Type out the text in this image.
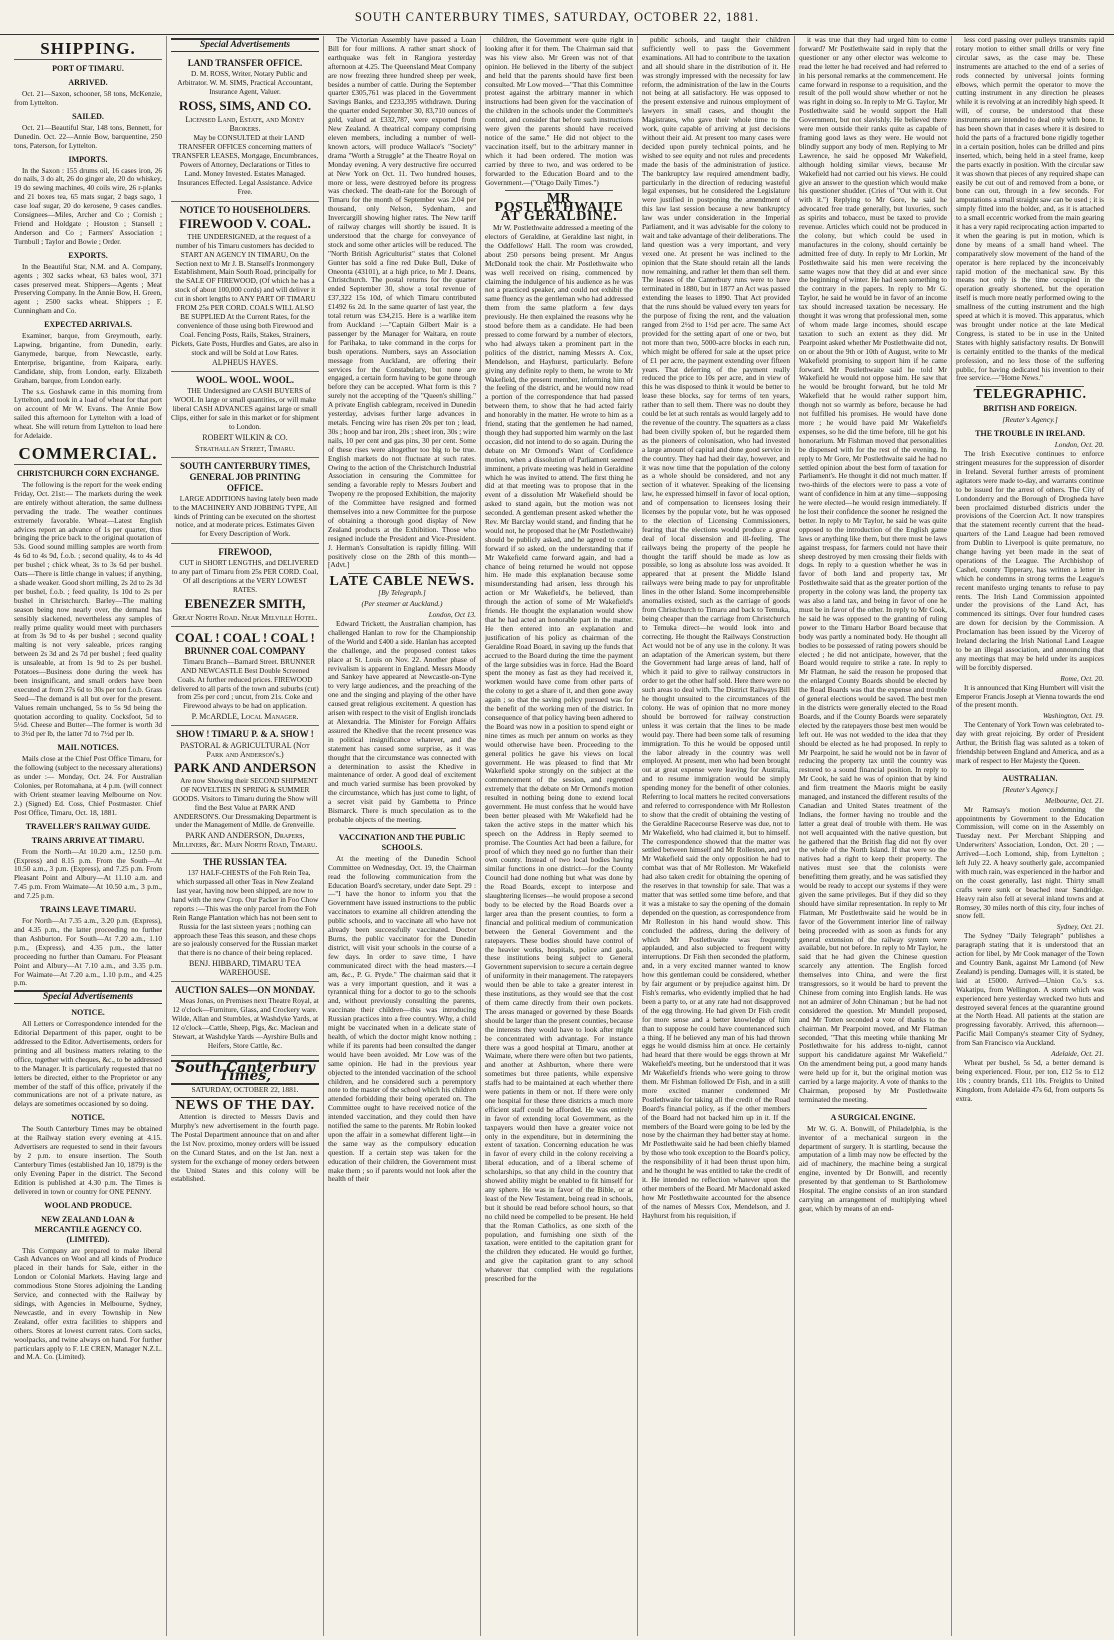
SOUTH CANTERBURY TIMES, SATURDAY, OCTOBER 22, 1881.
SHIPPING.
PORT OF TIMARU.
ARRIVED.

Oct. 21—Saxon, schooner, 58 tons, McKenzie, from Lyttelton.

SAILED.

Oct. 21—Beautiful Star, 148 tons, Bennett, for Dunedin. Oct. 22—Annie Bow, barquentine, 250 tons, Paterson, for Lyttelton.

IMPORTS.

In the Saxon : 155 drums oil, 16 cases iron, 26 do nails, 3 do alt, 26 do ginger ale, 20 do whiskey, 19 do sewing machines, 40 coils wire, 26 r-planks and 21 boxes tea, 65 mats sugar, 2 bags sago, 1 case loaf sugar, 20 do kerosene, 9 cases candles. Consignees—Miles, Archer and Co ; Cornish ; Friend and Holdgate ; Houston ; Stansell ; Anderson and Co ; Farmers' Association ; Turnbull ; Taylor and Bowie ; Order.

EXPORTS.

In the Beautiful Star, N.M. and A. Company, agents ; 302 sacks wheat, 63 bales wool, 371 cases preserved meat. Shippers—Agents ; Meat Preserving Company. In the Annie Bow, H. Green, agent ; 2500 sacks wheat. Shippers ; F. Cunningham and Co.

EXPECTED ARRIVALS.

Examiner, barque, from Greymouth, early. Lapwing, brigantine, from Dunedin, early. Ganymede, barque, from Newcastle, early. Enterprise, brigantine, from Kaipara, early. Candidate, ship, from London, early. Elizabeth Graham, barque, from London early.

The s.s. Goshawk came in this morning from Lyttelton, and took in a load of wheat for that port on account of Mr W. Evans. The Annie Bow sailed this afternoon for Lyttelton with a load of wheat. She will return from Lyttelton to load here for Adelaide.

COMMERCIAL.
CHRISTCHURCH CORN EXCHANGE.

The following is the report for the week ending Friday, Oct. 21st:— The markets during the week are entirely without alteration, the same dullness pervading the trade. The weather continues extremely favorable. Wheat—Latest English advices report an advance of 1s per quarter, thus bringing the price back to the original quotation of 53s. Good sound milling samples are worth from 4s 6d to 4s 9d, f.o.b. ; second quality, 4s to 4s 4d per bushel ; chick wheat, 3s to 3s 6d per bushel. Oats—There is little change in values; if anything, a shade weaker. Good short milling, 2s 2d to 2s 3d per bushel, f.o.b. ; feed quality, 1s 10d to 2s per bushel in Christchurch. Barley—The malting season being now nearly over, the demand has sensibly slackened, nevertheless any samples of really prime quality would meet with purchasers at from 3s 9d to 4s per bushel ; second quality malting is not very saleable, prices ranging between 2s 3d and 2s 7d per bushel ; feed quality is unsaleable, at from 1s 9d to 2s per bushel. Potatoes—Business done during the week has been insignificant, and small orders have been executed at from 27s 6d to 30s per ton f.o.b. Grass Seed—The demand is all but over for the present. Values remain unchanged, 5s to 5s 9d being the quotation according to quality. Cocksfoot, 5d to 5½d. Cheese and Butter—The former is worth 3d to 3½d per lb, the latter 7d to 7½d per lb.

MAIL NOTICES.

Mails close at the Chief Post Office Timaru, for the following (subject to the necessary alterations) as under :— Monday, Oct. 24. For Australian Colonies, per Rotomahana, at 4 p.m. (will connect with Orient steamer leaving Melbourne on Nov. 2.) (Signed) Ed. Coss, Chief Postmaster. Chief Post Office, Timaru, Oct. 18, 1881.

TRAVELLER'S RAILWAY GUIDE.
TRAINS ARRIVE AT TIMARU.

From the North—At 10.20 a.m., 12.50 p.m. (Express) and 8.15 p.m. From the South—At 10.50 a.m., 3 p.m. (Express), and 7.25 p.m. From Pleasant Point and Albury—At 11.10 a.m. and 7.45 p.m. From Waimate—At 10.50 a.m., 3 p.m., and 7.25 p.m.

TRAINS LEAVE TIMARU.

For North—At 7.35 a.m., 3.20 p.m. (Express), and 4.35 p.m., the latter proceeding no further than Ashburton. For South—At 7.20 a.m., 1.10 p.m., (Express), and 4.35 p.m., the latter proceeding no further than Oamaru. For Pleasant Point and Albury—At 7.10 a.m., and 3.35 p.m. For Waimate—At 7.20 a.m., 1.10 p.m., and 4.25 p.m.

Special Advertisements
NOTICE.

All Letters or Correspondence intended for the Editorial Department of this paper, ought to be addressed to the Editor. Advertisements, orders for printing and all business matters relating to the office, together with cheques, &c., to be addressed to the Manager. It is particularly requested that no letters be directed, either to the Proprietor or any member of the staff of this office, privately if the communications are not of a private nature, as delays are sometimes occasioned by so doing.

NOTICE.

The South Canterbury Times may be obtained at the Railway station every evening at 4.15. Advertisers are requested to send in their favours by 2 p.m. to ensure insertion. The South Canterbury Times (established Jan 10, 1879) is the only Evening Paper in the district. The Second Edition is published at 4.30 p.m. The Times is delivered in town or country for ONE PENNY.

WOOL AND PRODUCE.
NEW ZEALAND LOAN & MERCANTILE AGENCY CO. (LIMITED).

This Company are prepared to make liberal Cash Advances on Wool and all kinds of Produce placed in their hands for Sale, either in the London or Colonial Markets. Having large and commodious Stone Stores adjoining the Landing Service, and connected with the Railway by sidings, with Agencies in Melbourne, Sydney, Newcastle, and in every Township in New Zealand, offer extra facilities to shippers and others. Stores at lowest current rates. Corn sacks, woolpacks, and twine always on hand. For further particulars apply to F. LE CREN, Manager N.Z.L. and M.A. Co. (Limited).

Special Advertisements
LAND TRANSFER OFFICE.

D. M. ROSS, Writer, Notary Public and Arbitrator. W. M. SIMS, Practical Accountant, Insurance Agent, Valuer.

ROSS, SIMS, AND CO.
Licensed Land, Estate, and Money Brokers.

May be CONSULTED at their LAND TRANSFER OFFICES concerning matters of TRANSFER LEASES, Mortgage, Encumbrances, Powers of Attorney, Declarations or Titles to Land. Money Invested. Estates Managed. Insurances Effected. Legal Assistance. Advice Free.

NOTICE TO HOUSEHOLDERS.
FIREWOOD V. COAL.

THE UNDERSIGNED, at the request of a number of his Timaru customers has decided to START AN AGENCY IN TIMARU, On the Section next to Mr J. B. Stansell's Ironmongery Establishment, Main South Road, principally for the SALE OF FIREWOOD, (Of which he has a stock of about 100,000 cords) and will deliver it cut in short lengths to ANY PART OF TIMARU FROM 25s PER CORD. COALS WILL ALSO BE SUPPLIED At the Current Rates, for the convenience of those using both Firewood and Coal. Fencing Posts, Rails, Stakes, Strainers, Pickets, Gate Posts, Hurdles and Gates, are also in stock and will be Sold at Low Rates.

ALPHEUS HAYES.
WOOL. WOOL. WOOL.

THE Undersigned are CASH BUYERS of WOOL In large or small quantities, or will make liberal CASH ADVANCES against large or small Clips, either for sale in this market or for shipment to London.

ROBERT WILKIN & CO.
Strathallan Street, Timaru.
SOUTH CANTERBURY TIMES, GENERAL JOB PRINTING OFFICE.

LARGE ADDITIONS having lately been made to the MACHINERY AND JOBBING TYPE, All kinds of Printing can be executed on the shortest notice, and at moderate prices. Estimates Given for Every Description of Work.

FIREWOOD,

CUT in SHORT LENGTHS, and DELIVERED to any part of Timaru from 25s PER CORD. Coal, Of all descriptions at the VERY LOWEST RATES.

EBENEZER SMITH,
Great North Road. Near Melville Hotel.
COAL ! COAL ! COAL !
BRUNNER COAL COMPANY

Timaru Branch—Barnard Street. BRUNNER AND NEWCASTLE Best Double Screened Coals. At further reduced prices. FIREWOOD delivered to all parts of the town and suburbs (cut) from 25s per cord ; uncut, from 21s. Coke and Firewood always to be had on application.

P. McARDLE, Local Manager.
SHOW ! TIMARU P. & A. SHOW !
PASTORAL & AGRICULTURAL (Not Park and Anderson's.)
PARK AND ANDERSON

Are now Showing their SECOND SHIPMENT OF NOVELTIES IN SPRING & SUMMER GOODS. Visitors to Timaru during the Show will find the Best Value at PARK AND ANDERSON'S. Our Dressmaking Department is under the Management of Mdlle. de Grenveille.

PARK AND ANDERSON, Drapers, Milliners, &c. Main North Road, Timaru.
THE RUSSIAN TEA.

137 HALF-CHESTS of the Foh Rein Tea, which surpassed all other Teas in New Zealand last year, having now been shipped, are now to hand with the new Crop. Our Packer in Foo Chow reports :—This was the only parcel from the Foh Rein Range Plantation which has not been sent to Russia for the last sixteen years ; nothing can approach these Teas this season, and these chops are so jealously conserved for the Russian market that there is no chance of their being replaced.

BENJ. HIBBARD, TIMARU TEA WAREHOUSE.
AUCTION SALES—ON MONDAY.

Meas Jonas, on Premises next Theatre Royal, at 12 o'clock—Furniture, Glass, and Crockery ware. Wilde, Allan and Stumbles, at Washdyke Yards, at 12 o'clock—Cattle, Sheep, Pigs, &c. Maclean and Stewart, at Washdyke Yards —Ayrshire Bulls and Heifers, Store Cattle, &c.

South Canterbury Times,
SATURDAY, OCTOBER 22, 1881.
NEWS OF THE DAY.

Attention is directed to Messrs Davis and Murphy's new advertisement in the fourth page. The Postal Department announce that on and after the 1st Nov. proximo, money orders will be issued on the Cunard States, and on the 1st Jan. next a system for the exchange of money orders between the United States and this colony will be established.

The Victorian Assembly have passed a Loan Bill for four millions. A rather smart shock of earthquake was felt in Rangiora yesterday afternoon at 4.25. The Queensland Meat Company are now freezing three hundred sheep per week, besides a number of cattle. During the September quarter £305,761 was placed in the Government Savings Banks, and £233,395 withdrawn. During the quarter ended September 30, 83,710 ounces of gold, valued at £332,787, were exported from New Zealand. A theatrical company comprising eleven members, including a number of well-known actors, will produce Wallace's "Society" drama "Worth a Struggle" at the Theatre Royal on Monday evening. A very destructive fire occurred at New York on Oct. 11. Two hundred houses, more or less, were destroyed before its progress was checked. The death-rate for the Borough of Timaru for the month of September was 2.04 per thousand, only Nelson, Sydenham, and Invercargill showing higher rates. The New tariff of railway charges will shortly be issued. It is understood that the charge for conveyance of stock and some other articles will be reduced. The "North British Agriculturist" states that Colonel Gunter has sold a fine red Duke Bull, Duke of Oneonta (43101), at a high price, to Mr J. Deans, Christchurch. The postal returns for the quarter ended September 30, show a total revenue of £37,322 15s 10d, of which Timaru contributed £1492 6s 2d. In the same quarter of last year, the total return was £34,215. Here is a warlike item from Auckland :—"Captain Gilbert Mair is a passenger by the Manager for Waitara, en route for Parihaka, to take command in the corps for bush operations. Numbers, says an Association message from Auckland, are offering their services for the Constabulary, but none are engaged, a certain form having to be gone through before they can be accepted. What form is this ? surely not the accepting of the "Queen's shilling." A private English cablegram, received in Dunedin yesterday, advises further large advances in metals. Fencing wire has risen 20s per ton ; lead, 30s ; hoop and bar iron, 20s ; sheet iron, 30s ; wire nails, 10 per cent and gas pins, 30 per cent. Some of these rises were altogether too big to be true. English markets do not fluctuate at such rates. Owing to the action of the Christchurch Industrial Association in censuring the Committee for sending a favorable reply to Messrs Joubert and Twopeny re the proposed Exhibition, the majority of the Committee have resigned and formed themselves into a new Committee for the purpose of obtaining a thorough good display of New Zealand products at the Exhibition. Those who resigned include the President and Vice-President. J. Herman's Consultation is rapidly filling. Will positively close on the 28th of this month—[Advt.]

LATE CABLE NEWS.
[By Telegraph.]
(Per steamer at Auckland.)
London, Oct 13.

Edward Trickett, the Australian champion, has challenged Hanlan to row for the Championship of the World and £400 a side. Hanlan has accepted the challenge, and the proposed contest takes place at St. Louis on Nov. 22. Another phase of revivalism is apparent in England. Messrs Moody and Sankey have appeared at Newcastle-on-Tyne to very large audiences, and the preaching of the one and the singing and playing of the other have caused great religious excitement. A question has arisen with respect to the visit of English ironclads at Alexandria. The Minister for Foreign Affairs assured the Khedive that the recent presence was in political insignificance whatever, and the statement has caused some surprise, as it was thought that the circumstance was connected with a determination to assist the Khedive in maintenance of order. A good deal of excitement and much varied surmise has been provoked by the circumstance, which has just come to light, of a secret visit paid by Gambetta to Prince Bismarck. There is much speculation as to the probable objects of the meeting.

VACCINATION AND THE PUBLIC SCHOOLS.

At the meeting of the Dunedin School Committee on Wednesday, Oct. 19, the Chairman read the following communication from the Education Board's secretary, under date Sept. 29 :—"I have the honor to inform you that the Government have issued instructions to the public vaccinators to examine all children attending the public schools, and to vaccinate all who have not already been successfully vaccinated. Doctor Burns, the public vaccinator for the Dunedin district, will visit your schools in the course of a few days. In order to save time, I have communicated direct with the head masters.—I am, &c., P. G. Pryde." The chairman said that it was a very important question, and it was a tyrannical thing for a doctor to go to the schools and, without previously consulting the parents, vaccinate their children—this was introducing Russian practices into a free country. Why, a child might be vaccinated when in a delicate state of health, of which the doctor might know nothing ; while if its parents had been consulted the danger would have been avoided. Mr Low was of the same opinion. He had in the previous year objected to the intended vaccination of the school children, and he considered such a peremptory note to the master of the school which his children attended forbidding their being operated on. The Committee ought to have received notice of the intended vaccination, and they could then have notified the same to the parents. Mr Robin looked upon the affair in a somewhat different light—in the same way as the compulsory education question. If a certain step was taken for the education of their children, the Government must make them ; so if parents would not look after the health of their

children, the Government were quite right in looking after it for them. The Chairman said that was his view also. Mr Green was not of that opinion. He believed in the liberty of the subject and held that the parents should have first been consulted. Mr Low moved—"That this Committee protest against the arbitrary manner in which instructions had been given for the vaccination of the children in the schools under the Committee's control, and consider that before such instructions were given the parents should have received notice of the same." He did not object to the vaccination itself, but to the arbitrary manner in which it had been ordered. The motion was carried by three to two, and was ordered to be forwarded to the Education Board and to the Government.—("Otago Daily Times.")

MR POSTLETHWAITE AT GERALDINE.

Mr W. Postlethwaite addressed a meeting of the electors of Geraldine, at Geraldine last night, in the Oddfellows' Hall. The room was crowded, about 250 persons being present. Mr Angus McDonald took the chair. Mr Postlethwaite who was well received on rising, commenced by claiming the indulgence of his audience as he was not a practiced speaker, and could not exhibit the same fluency as the gentleman who had addressed them from the same platform a few days previously. He then explained the reasons why he stood before them as a candidate. He had been pressed to come forward by a number of electors, who had always taken a prominent part in the politics of the district, naming Messrs A. Cox, Mendelson, and Hayhurst, particularly. Before giving any definite reply to them, he wrote to Mr Wakefield, the present member, informing him of the feeling of the district, and he would now read a portion of the correspondence that had passed between them, to show that he had acted fairly and honorably in the matter. He wrote to him as a friend, stating that the gentlemen he had named, though they had supported him warmly on the last occasion, did not intend to do so again. During the debate on Mr Ormond's Want of Confidence motion, when a dissolution of Parliament seemed imminent, a private meeting was held in Geraldine which he was invited to attend. The first thing he did at that meeting was to propose that in the event of a dissolution Mr Wakefield should be asked to stand again, but the motion was not seconded. A gentleman present asked whether the Rev. Mr Barclay would stand, and finding that he would not, he proposed that he (Mr Postlethwaite) should be publicly asked, and he agreed to come forward if so asked, on the understanding that if Mr Wakefield came forward again, and had a chance of being returned he would not oppose him. He made this explanation because some misunderstanding had arisen, less through his action or Mr Wakefield's, he believed, than through the action of some of Mr Wakefield's friends. He thought the explanation would show that he had acted an honorable part in the matter. He then entered into an explanation and justification of his policy as chairman of the Geraldine Road Board, in saving up the funds that accrued to the Board during the time the payment of the large subsidies was in force. Had the Board spent the money as fast as they had received it, workmen would have come from other parts of the colony to get a share of it, and then gone away again ; so that the saving policy pursued was for the benefit of the working men of the district. In consequence of that policy having been adhered to the Board was now in a position to spend eight or nine times as much per annum on works as they would otherwise have been. Proceeding to the general politics he gave his views on local government. He was pleased to find that Mr Wakefield spoke strongly on the subject at the commencement of the session, and regretted extremely that the debate on Mr Ormond's motion resulted in nothing being done to extend local government. He must confess that he would have been better pleased with Mr Wakefield had he taken the active steps in the matter which his speech on the Address in Reply seemed to promise. The Counties Act had been a failure, for proof of which they need go no further than their own county. Instead of two local bodies having similar functions in one district—for the County Council had done nothing but what was done by the Road Boards, except to interpose and slaughtering licenses—he would propose a second body to be elected by the Road Boards over a larger area than the present counties, to form a financial and political medium of communication between the General Government and the ratepayers. These bodies should have control of the heavier works, hospitals, police and gaols, these institutions being subject to General Government supervision to secure a certain degree of uniformity in their management. The ratepayers would then be able to take a greater interest in these institutions, as they would see that the cost of them came directly from their own pockets. The areas managed or governed by these Boards should be larger than the present counties, because the interests they would have to look after might be concentrated with advantage. For instance there was a good hospital at Timaru, another at Waimate, where there were often but two patients, and another at Ashburton, where there were sometimes but three patients, while expensive staffs had to be maintained at each whether there were patients in them or not. If there were only one hospital for these three districts a much more efficient staff could be afforded. He was entirely in favor of extending local Government, as the taxpayers would then have a greater voice not only in the expenditure, but in determining the extent of taxation. Concerning education he was in favor of every child in the colony receiving a liberal education, and of a liberal scheme of scholarships, so that any child in the country that showed ability might be enabled to fit himself for any sphere. He was in favor of the Bible, or at least of the New Testament, being read in schools, but it should be read before school hours, so that no child need be compelled to be present. He held that the Roman Catholics, as one sixth of the population, and furnishing one sixth of the taxation, were entitled to the capitation grant for the children they educated. He would go further, and give the capitation grant to any school whatever that complied with the regulations prescribed for the

public schools, and taught their children sufficiently well to pass the Government examinations. All had to contribute to the taxation and all should share in the distribution of it. He was strongly impressed with the necessity for law reform, the administration of the law in the Courts not being at all satisfactory. He was opposed to the present extensive and ruinous employment of lawyers in small cases, and thought the Magistrates, who gave their whole time to the work, quite capable of arriving at just decisions without their aid. At present too many cases were decided upon purely technical points, and he wished to see equity and not rules and precedents made the basis of the administration of justice. The bankruptcy law required amendment badly, particularly in the direction of reducing wasteful legal expenses, but he considered the Legislature were justified in postponing the amendment of this law last session because a new bankruptcy law was under consideration in the Imperial Parliament, and it was advisable for the colony to wait and take advantage of their deliberations. The land question was a very important, and very vexed one. At present he was inclined to the opinion that the State should retain all the lands now remaining, and rather let them than sell them. The leases of the Canterbury runs were to have terminated in 1880, but in 1877 an Act was passed extending the leases to 1890. That Act provided that the runs should be valued every ten years for the purpose of fixing the rent, and the valuation ranged from 2½d to 1½d per acre. The same Act provided for the setting apart of one or two, but not more than two, 5000-acre blocks in each run, which might be offered for sale at the upset price of £1 per acre, the payment extending over fifteen years. That deferring of the payment really reduced the price to 10s per acre, and in view of this he was disposed to think it would be better to lease these blocks, say for terms of ten years, rather than to sell them. There was no doubt they could be let at such rentals as would largely add to the revenue of the country. The squatters as a class had been civilly spoken of, but he regarded them as the pioneers of colonisation, who had invested a large amount of capital and done good service in the country. They had had their day, however, and it was now time that the population of the colony as a whole should be considered, and not any section of it whatever. Speaking of the licensing law, he expressed himself in favor of local option, and of compensation to licensees losing their licenses by the popular vote, but he was opposed to the election of Licensing Commissioners, fearing that the elections would produce a great deal of local dissension and ill-feeling. The railways being the property of the people he thought the tariff should be made as low as possible, so long as absolute loss was avoided. It appeared that at present the Middle Island railways were being made to pay for unprofitable lines in the other Island. Some incomprehensible anomalies existed, such as the carriage of goods from Christchurch to Timaru and back to Temuka, being cheaper than the carriage from Christchurch to Temuka direct—he would look into and correcting. He thought the Railways Construction Act would not be of any use in the colony. It was an adaptation of the American system, but there the Government had large areas of land, half of which it paid to give to railway constructors in order to get the other half sold. Here there were no such areas to deal with. The District Railways Bill he thought unsuited to the circumstances of the colony. He was of opinion that no more money should be borrowed for railway construction unless it was certain that the lines to be made would pay. There had been some talk of resuming immigration. To this he would be opposed until the labor already in the country was well employed. At present, men who had been brought out at great expense were leaving for Australia, and to resume immigration would be simply spending money for the benefit of other colonies. Referring to local matters he recited conversations and referred to correspondence with Mr Rolleston to show that the credit of obtaining the vesting of the Geraldine Racecourse Reserve was due, not to Mr Wakefield, who had claimed it, but to himself. The correspondence showed that the matter was settled between himself and Mr Rolleston, and yet Mr Wakefield said the only opposition he had to combat was that of Mr Rolleston. Mr Wakefield had also taken credit for obtaining the opening of the reserves in that township for sale. That was a matter that was settled some time before, and that it was a mistake to say the opening of the domain depended on the question, as correspondence from Mr Rolleston in his hand would show. This concluded the address, during the delivery of which Mr Postlethwaite was frequently applauded, and also subjected to frequent witty interruptions. Dr Fish then seconded the platform, and, in a very excited manner wanted to know how this gentleman could be considered, whether by fair argument or by prejudice against him. Dr Fish's remarks, who evidently implied that he had been a party to, or at any rate had not disapproved of the egg throwing. He had given Dr Fish credit for more sense and a better knowledge of him than to suppose he could have countenanced such a thing. If he believed any man of his had thrown eggs he would dismiss him at once. He certainly had heard that there would be eggs thrown at Mr Wakefield's meeting, but he understood that it was Mr Wakefield's friends who were going to throw them. Mr Fishman followed Dr Fish, and in a still more excited manner condemned Mr Postlethwaite for taking all the credit of the Road Board's financial policy, as if the other members of the Board had not backed him up in it. If the members of the Board were going to be led by the nose by the chairman they had better stay at home. Mr Postlethwaite said he had been chiefly blamed by those who took exception to the Board's policy, the responsibility of it had been thrust upon him, and he thought he was entitled to take the credit of it. He intended no reflection whatever upon the other members of the Board. Mr Macdonald asked how Mr Postlethwaite accounted for the absence of the names of Messrs Cox, Mendelson, and J. Hayhurst from his requisition, if

it was true that they had urged him to come forward? Mr Postlethwaite said in reply that the questioner or any other elector was welcome to read the letter he had received and had referred to in his personal remarks at the commencement. He came forward in response to a requisition, and the result of the poll would show whether or not he was right in doing so. In reply to Mr G. Taylor, Mr Postlethwaite said he would support the Hall Government, but not slavishly. He believed there were men outside their ranks quite as capable of framing good laws as they were. He would not blindly support any body of men. Replying to Mr Lawrence, he said he opposed Mr Wakefield, although holding similar views, because Mr Wakefield had not carried out his views. He could give an answer to the question which would make his questioner shudder. (Cries of "Out with it. Out with it.") Replying to Mr Gore, he said he advocated free trade generally, but luxuries, such as spirits and tobacco, must be taxed to provide revenue. Articles which could not be produced in the colony, but which could be used in manufactures in the colony, should certainly be admitted free of duty. In reply to Mr Lorkin, Mr Postlethwaite said his men were receiving the same wages now that they did at and ever since the beginning of winter. He had seen something to the contrary in the papers. In reply to Mr G. Taylor, he said he would be in favor of an income tax should increased taxation be necessary. He thought it was wrong that professional men, some of whom made large incomes, should escape taxation to such an extent as they did. Mr Pearpoint asked whether Mr Postlethwaite did not, on or about the 9th or 10th of August, write to Mr Wakefield promising to support him if he came forward. Mr Postlethwaite said he told Mr Wakefield he would not oppose him. He saw that he would be brought forward, but he told Mr Wakefield that he would rather support him, though not so warmly as before, because he had not fulfilled his promises. He would have done more ; he would have paid Mr Wakefield's expenses, so he did the time before, till he got his honorarium. Mr Fishman moved that personalities be dispensed with for the rest of the evening. In reply to Mr Gore, Mr Postlethwaite said he had no settled opinion about the best form of taxation for Parliament's. He thought it did not much matter. If two-thirds of the electors were to pass a vote of want of confidence in him at any time—supposing he were elected—he would resign immediately. If he lost their confidence the sooner he resigned the better. In reply to Mr Taylor, he said he was quite opposed to the introduction of the English game laws or anything like them, but there must be laws against trespass, for farmers could not have their sheep destroyed by men crossing their fields with dogs. In reply to a question whether he was in favor of both land and property tax, Mr Postlethwaite said that as the greater portion of the property in the colony was land, the property tax was also a land tax, and being in favor of one he must be in favor of the other. In reply to Mr Cook, he said he was opposed to the granting of ruling power to the Timaru Harbor Board because that body was partly a nominated body. He thought all bodies to be possessed of rating powers should be elected ; he did not anticipate, however, that the Board would require to strike a rate. In reply to Mr Flatman, he said the reason he proposed that the enlarged County Boards should be elected by the Road Boards was that the expense and trouble of general elections would be saved. The best men in the districts were generally elected to the Road Boards, and if the County Boards were separately elected by the ratepayers those best men would be left out. He was not wedded to the idea that they should be elected as he had proposed. In reply to Mr Pearpoint, he said he would not be in favor of reducing the property tax until the country was restored to a sound financial position. In reply to Mr Cook, he said he was of opinion that by kind and firm treatment the Maoris might be easily managed, and instanced the different results of the Canadian and United States treatment of the Indians, the former having no trouble and the latter a great deal of trouble with them. He was not well acquainted with the native question, but he gathered that the British flag did not fly over the whole of the North Island. If that were so the natives had a right to keep their property. The natives must see that the colonists were benefitting them greatly, and he was satisfied they would be ready to accept our systems if they were given the same privileges. But if they did so they should have similar representation. In reply to Mr Flatman, Mr Postlethwaite said he would be in favor of the Government interior line of railway being proceeded with as soon as funds for any general extension of the railway system were available, but not before. In reply to Mr Taylor, he said that he had given the Chinese question scarcely any attention. The English forced themselves into China, and were the first transgressors, so it would be hard to prevent the Chinese from coming into English lands. He was not an admirer of John Chinaman ; but he had not considered the question. Mr Mundell proposed, and Mr Totten seconded a vote of thanks to the chairman. Mr Pearpoint moved, and Mr Flatman seconded, "That this meeting while thanking Mr Postlethwaite for his address to-night, cannot support his candidature against Mr Wakefield." On the amendment being put, a good many hands were held up for it, but the original motion was carried by a large majority. A vote of thanks to the Chairman, proposed by Mr Postlethwaite terminated the meeting.

A SURGICAL ENGINE.

Mr W. G. A. Bonwill, of Philadelphia, is the inventor of a mechanical surgeon in the department of surgery. It is startling, because the amputation of a limb may now be effected by the aid of machinery, the machine being a surgical engine, invented by Dr Bonwill, and recently presented by that gentleman to St Bartholomew Hospital. The engine consists of an iron standard carrying an arrangement of multiplying wheel gear, which by means of an end-

less cord passing over pulleys transmits rapid rotary motion to either small drills or very fine circular saws, as the case may be. These instruments are attached to the end of a series of rods connected by universal joints forming elbows, which permit the operator to move the cutting instrument in any direction he pleases while it is revolving at an incredibly high speed. It will, of course, be understood that these instruments are intended to deal only with bone. It has been shown that in cases where it is desired to hold the parts of a fractured bone rigidly together in a certain position, holes can be drilled and pins inserted, which, being held in a steel frame, keep the parts exactly in position. With the circular saw it was shown that pieces of any required shape can easily be cut out of and removed from a bone, or bone can out, through in a few seconds. For amputations a small straight saw can be used ; it is simply fitted into the holder, and, as it is attached to a small eccentric worked from the main gearing it has a very rapid reciprocating action imparted to it when the gearing is put in motion, which is done by means of a small hand wheel. The comparatively slow movement of the hand of the operator is here replaced by the inconceivably rapid motion of the mechanical saw. By this means not only is the time occupied in the operation greatly shortened, but the operation itself is much more neatly performed owing to the smallness of the cutting instrument and the high speed at which it is moved. This apparatus, which was brought under notice at the late Medical Congress, is stated to be in use in the United States with highly satisfactory results. Dr Bonwill is certainly entitled to the thanks of the medical profession, and no less those of the suffering public, for having dedicated his invention to their free service.—"Home News."

TELEGRAPHIC.
BRITISH AND FOREIGN.
[Reuter's Agency.]
THE TROUBLE IN IRELAND.
London, Oct. 20.

The Irish Executive continues to enforce stringent measures for the suppression of disorder in Ireland. Several further arrests of prominent agitators were made to-day, and warrants continue to be issued for the arrest of others. The City of Londonderry and the Borough of Drogheda have been proclaimed disturbed districts under the provisions of the Coercion Act. It now transpires that the statement recently current that the head-quarters of the Land League had been removed from Dublin to Liverpool is quite premature, no change having yet been made in the seat of operations of the League. The Archbishop of Cashel, county Tipperary, has written a letter in which he condemns in strong terms the League's recent manifesto urging tenants to refuse to pay rents. The Irish Land Commission appointed under the provisions of the Land Act, has commenced its sittings. Over four hundred cases are down for decision by the Commission. A Proclamation has been issued by the Viceroy of Ireland declaring the Irish National Land League to be an illegal association, and announcing that any meetings that may be held under its auspices will be forcibly dispersed.

Rome, Oct. 20.

It is announced that King Humbert will visit the Emperor Francis Joseph at Vienna towards the end of the present month.

Washington, Oct. 19.

The Centenary of York Town was celebrated to-day with great rejoicing. By order of President Arthur, the British flag was saluted as a token of friendship between England and America, and as a mark of respect to Her Majesty the Queen.

AUSTRALIAN.
[Reuter's Agency.]
Melbourne, Oct. 21.

Mr Ramsay's motion condemning the appointments by Government to the Education Commission, will come on in the Assembly on Tuesday next. Per Mercbant Shipping and Underwriters' Association, London, Oct. 20 ; —Arrived—Loch Lomond, ship, from Lyttelton ; left July 22. A heavy southerly gale, accompanied with much rain, was experienced in the harbor and on the coast generally, last night. Thirty small crafts were sunk or beached near Sandridge. Heavy rain also fell at several inland towns and at Romsey, 30 miles north of this city, four inches of snow fell.

Sydney, Oct. 21.

The Sydney "Daily Telegraph" publishes a paragraph stating that it is understood that an action for libel, by Mr Cook manager of the Town and Country Bank, against Mr Lamond (of New Zealand) is pending. Damages will, it is stated, be laid at £5000. Arrived—Union Co.'s s.s. Wakatipu, from Wellington. A storm which was experienced here yesterday wrecked two huts and destroyed several fences at the quarantine ground at the North Head. All patients at the station are progressing favorably. Arrived, this afternoon—Pacific Mail Company's steamer City of Sydney, from San Francisco via Auckland.

Adelaide, Oct. 21.

Wheat per bushel, 5s 5d, a better demand is being experienced. Flour, per ton, £12 5s to £12 10s ; country brands, £11 10s. Freights to United Kingdom, from Adelaide 47s 6d, from outports 5s extra.
